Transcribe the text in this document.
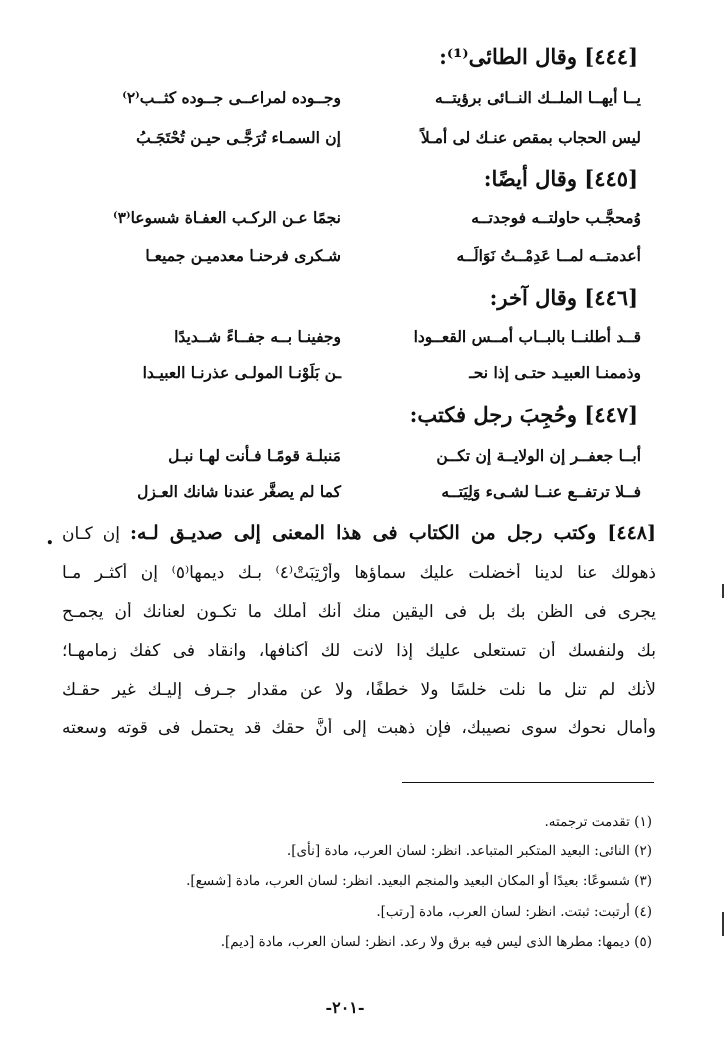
[٤٤٤] وقال الطائى⁽¹⁾:
يــا أيهــا الملــك النــائى برؤيتــه
وجــوده لمراعــى جــوده كثــب⁽٢⁾
ليس الحجاب بمقص عنـك لى أمـلاً
إن السمـاء تُرَجَّـى حيـن تُحْتَجَـبُ
[٤٤٥] وقال أيضًا:
وُمحجَّـب حاولتــه فوجدتــه
نجمًا عـن الركـب العفـاة شسوعا⁽٣⁾
أعدمتــه لمــا عَدِمْــتُ نَوَالَــه
شـكرى فرحنـا معدميـن جميعـا
[٤٤٦] وقال آخر:
قــد أطلنــا بالبــاب أمــس القعــودا
وجفينـا بــه جفــاءً شــديدًا
وذممنـا العبيـد حتـى إذا نحـ
ـن بَلَوْنـا المولـى عذرنـا العبيـدا
[٤٤٧] وحُجِبَ رجل فكتب:
أبــا جعفــر إن الولايــة إن تكــن
مَنبلـة قومًـا فـأنت لهـا نبـل
فــلا ترتفــع عنــا لشـىء وَلِيَتــه
كما لم يصغَّر عندنا شانك العـزل
.	[٤٤٨] وكتب رجل من الكتاب فى هذا المعنى إلى صديـق لـه: إن كـان
ذهولك عنا لدينا أخضلت عليك سماؤها وأُرْتِبَتْ⁽٤⁾ بـك ديمها⁽٥⁾ إن أكثـر مـا
يجرى فى الظن بك بل فى اليقين منك أنك أملك ما تكـون لعنانك أن يجمـح
بك ولنفسك أن تستعلى عليك إذا لانت لك أكنافها، وانقاد فى كفك زمامهـا؛
لأنك لم تنل ما نلت خلسًا ولا خطفًا، ولا عن مقدار جـرف إليـك غير حقـك
وأمال نحوك سوى نصيبك، فإن ذهبت إلى أنَّ حقك قد يحتمل فى قوته وسعته
(١) تقدمت ترجمته.
(٢) النائى: البعيد المتكبر المتباعد. انظر: لسان العرب، مادة [نأى].
(٣) شسوعًا: بعيدًا أو المكان البعيد والمنجم البعيد. انظر: لسان العرب، مادة [شسع].
(٤) أرتبت: ثبتت. انظر: لسان العرب، مادة [رتب].
(٥) ديمها: مطرها الذى ليس فيه برق ولا رعد. انظر: لسان العرب، مادة [ديم].
-٢٠١-
